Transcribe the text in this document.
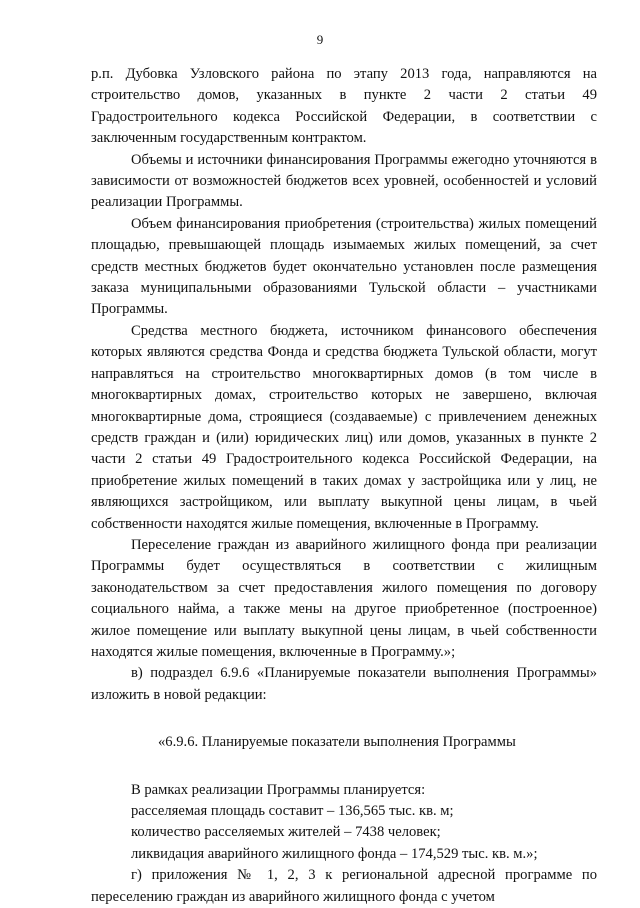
9

р.п. Дубовка Узловского района по этапу 2013 года, направляются на строительство домов, указанных в пункте 2 части 2 статьи 49 Градостроительного кодекса Российской Федерации, в соответствии с заключенным государственным контрактом.

Объемы и источники финансирования Программы ежегодно уточняются в зависимости от возможностей бюджетов всех уровней, особенностей и условий реализации Программы.

Объем финансирования приобретения (строительства) жилых помещений площадью, превышающей площадь изымаемых жилых помещений, за счет средств местных бюджетов будет окончательно установлен после размещения заказа муниципальными образованиями Тульской области – участниками Программы.

Средства местного бюджета, источником финансового обеспечения которых являются средства Фонда и средства бюджета Тульской области, могут направляться на строительство многоквартирных домов (в том числе в многоквартирных домах, строительство которых не завершено, включая многоквартирные дома, строящиеся (создаваемые) с привлечением денежных средств граждан и (или) юридических лиц) или домов, указанных в пункте 2 части 2 статьи 49 Градостроительного кодекса Российской Федерации, на приобретение жилых помещений в таких домах у застройщика или у лиц, не являющихся застройщиком, или выплату выкупной цены лицам, в чьей собственности находятся жилые помещения, включенные в Программу.

Переселение граждан из аварийного жилищного фонда при реализации Программы будет осуществляться в соответствии с жилищным законодательством за счет предоставления жилого помещения по договору социального найма, а также мены на другое приобретенное (построенное) жилое помещение или выплату выкупной цены лицам, в чьей собственности находятся жилые помещения, включенные в Программу.»;

в) подраздел 6.9.6 «Планируемые показатели выполнения Программы» изложить в новой редакции:

«6.9.6. Планируемые показатели выполнения Программы

В рамках реализации Программы планируется:

расселяемая площадь составит – 136,565 тыс. кв. м;

количество расселяемых жителей – 7438 человек;

ликвидация аварийного жилищного фонда – 174,529 тыс. кв. м.»;

г) приложения № 1, 2, 3 к региональной адресной программе по переселению граждан из аварийного жилищного фонда с учетом
